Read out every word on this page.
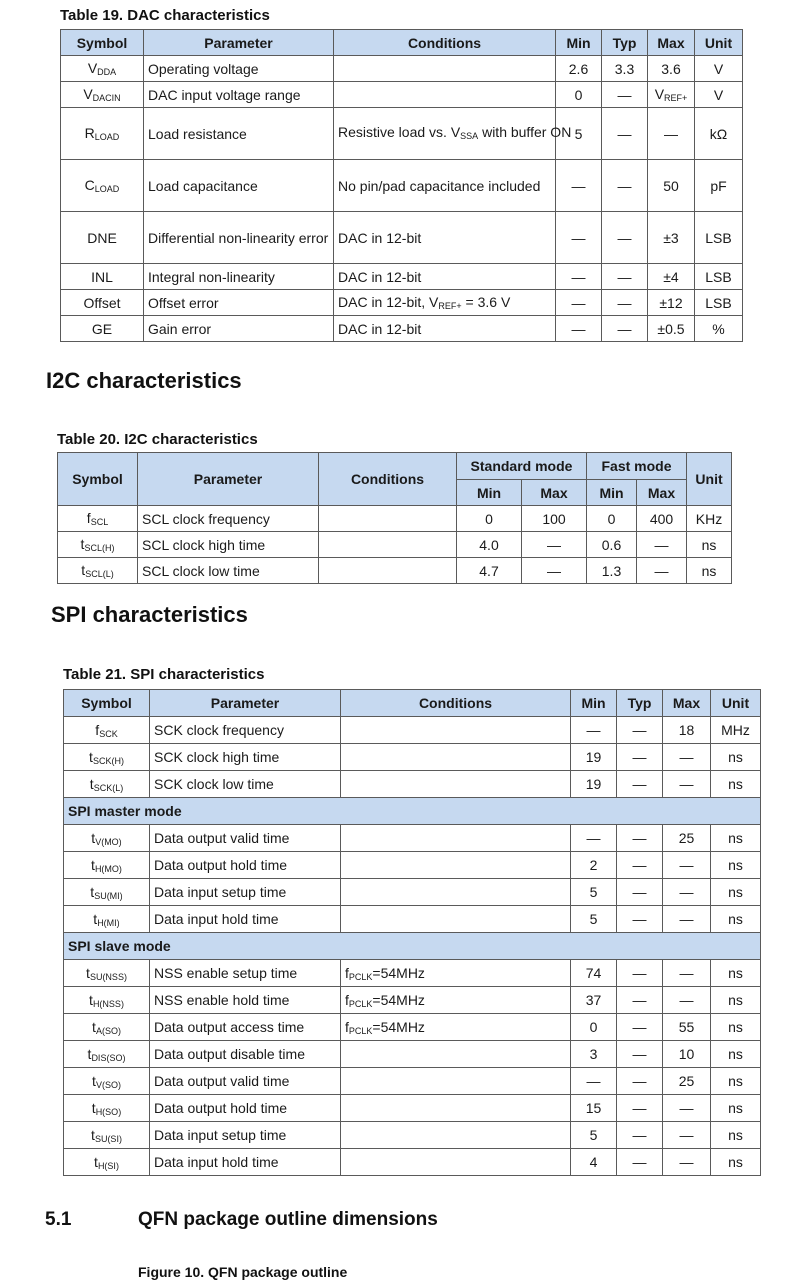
Table 19. DAC characteristics
Symbol	Parameter	Conditions	Min	Typ	Max	Unit
$V_{DDA}$	Operating voltage		2.6	3.3	3.6	V
$V_{DACIN}$	DAC input voltage range		0	—	$V_{REF+}$	V
$R_{LOAD}$	Load resistance	Resistive load vs. $V_{SSA}$ with buffer ON	5	—	—	kΩ
$C_{LOAD}$	Load capacitance	No pin/pad capacitance included	—	—	50	pF
DNE	Differential non-linearity error	DAC in 12-bit	—	—	±3	LSB
INL	Integral non-linearity	DAC in 12-bit	—	—	±4	LSB
Offset	Offset error	DAC in 12-bit, $V_{REF+} = 3.6$ V	—	—	±12	LSB
GE	Gain error	DAC in 12-bit	—	—	±0.5	%
I2C characteristics
Table 20. I2C characteristics
Symbol	Parameter	Conditions	Standard mode		Fast mode		Unit
			Min	Max	Min	Max	
$f_{SCL}$	SCL clock frequency		0	100	0	400	KHz
$t_{SCL(H)}$	SCL clock high time		4.0	—	0.6	—	ns
$t_{SCL(L)}$	SCL clock low time		4.7	—	1.3	—	ns
SPI characteristics
Table 21. SPI characteristics
Symbol	Parameter	Conditions	Min	Typ	Max	Unit
$f_{SCK}$	SCK clock frequency		—	—	18	MHz
$t_{SCK(H)}$	SCK clock high time		19	—	—	ns
$t_{SCK(L)}$	SCK clock low time		19	—	—	ns
SPI master mode						
$t_{V(MO)}$	Data output valid time		—	—	25	ns
$t_{H(MO)}$	Data output hold time		2	—	—	ns
$t_{SU(MI)}$	Data input setup time		5	—	—	ns
$t_{H(MI)}$	Data input hold time		5	—	—	ns
SPI slave mode						
$t_{SU(NSS)}$	NSS enable setup time	$f_{PCLK}=54MHz$	74	—	—	ns
$t_{H(NSS)}$	NSS enable hold time	$f_{PCLK}=54MHz$	37	—	—	ns
$t_{A(SO)}$	Data output access time	$f_{PCLK}=54MHz$	0	—	55	ns
$t_{DIS(SO)}$	Data output disable time		3	—	10	ns
$t_{V(SO)}$	Data output valid time		—	—	25	ns
$t_{H(SO)}$	Data output hold time		15	—	—	ns
$t_{SU(SI)}$	Data input setup time		5	—	—	ns
$t_{H(SI)}$	Data input hold time		4	—	—	ns
5.1	QFN package outline dimensions
Figure 10. QFN package outline
